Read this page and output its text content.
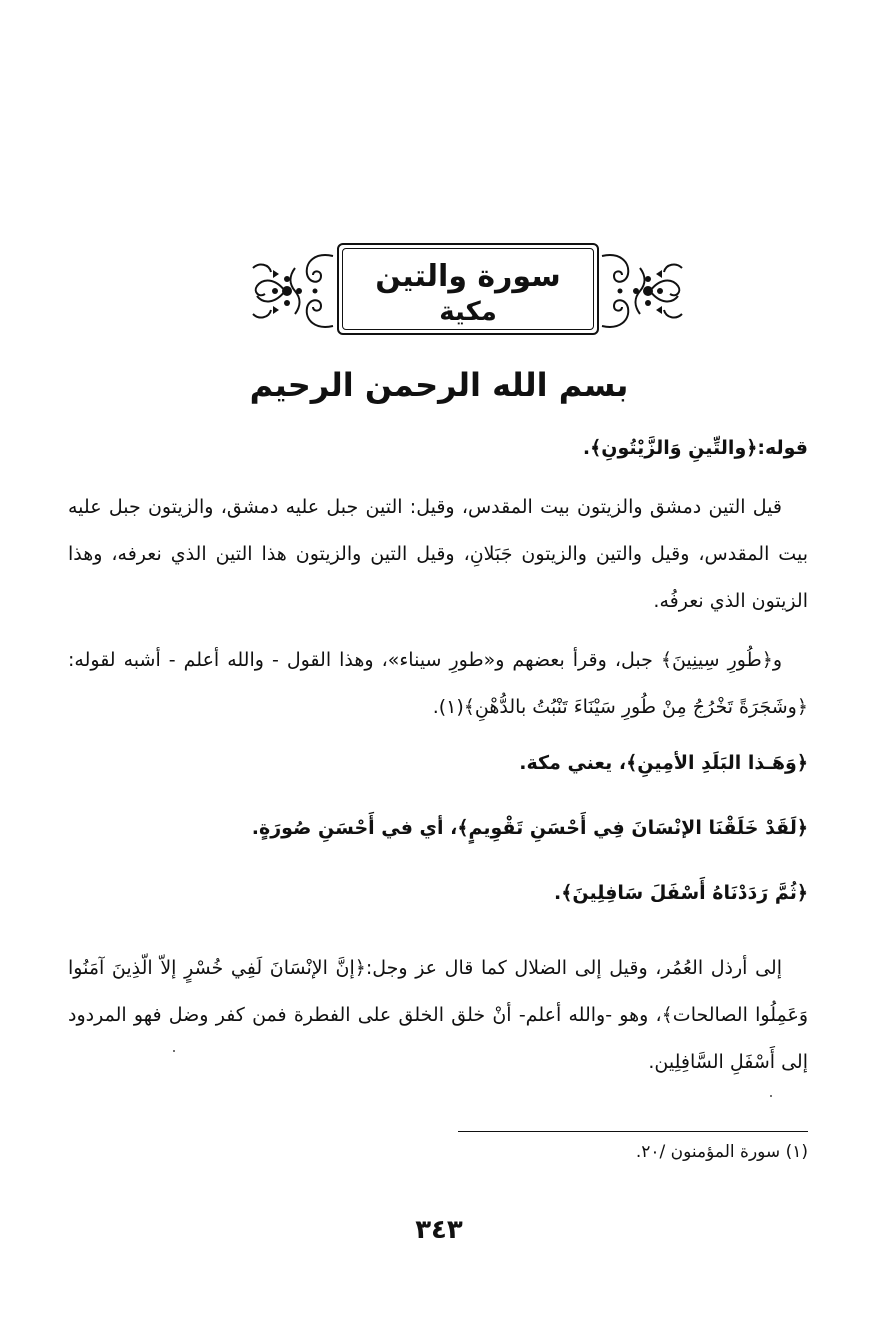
سورة والتين
مكية
بسم الله الرحمن الرحيم
قوله:﴿والتِّينِ وَالزَّيْتُونِ﴾.
قيل التين دمشق والزيتون بيت المقدس، وقيل: التين جبل عليه دمشق، والزيتون جبل عليه بيت المقدس، وقيل والتين والزيتون جَبَلانِ، وقيل التين والزيتون هذا التين الذي نعرفه، وهذا الزيتون الذي نعرفُه.
و﴿طُورِ سِينِينَ﴾ جبل، وقرأ بعضهم و«طورِ سيناء»، وهذا القول - والله أعلم - أشبه لقوله: ﴿وشَجَرَةً تَخْرُجُ مِنْ طُورِ سَيْنَاءَ تَنْبُتُ بالدُّهْنِ﴾(١).
﴿وَهَـذا البَلَدِ الأمِينِ﴾، يعني مكة.
﴿لَقَدْ خَلَقْنَا الإنْسَانَ فِي أَحْسَنِ تَقْوِيمٍ﴾، أي في أَحْسَنِ صُورَةٍ.
﴿ثُمَّ رَدَدْنَاهُ أَسْفَلَ سَافِلِينَ﴾.
إلى أرذل العُمُر، وقيل إلى الضلال كما قال عز وجل:﴿إنَّ الإنْسَانَ لَفِي خُسْرٍ إلاّ الّذِينَ آمَنُوا وَعَمِلُوا الصالحات﴾، وهو -والله أعلم- أنْ خلق الخلق على الفطرة فمن كفر وضل فهو المردود إلى أَسْفَلِ السَّافِلِين.
(١) سورة المؤمنون /٢٠.
٣٤٣
